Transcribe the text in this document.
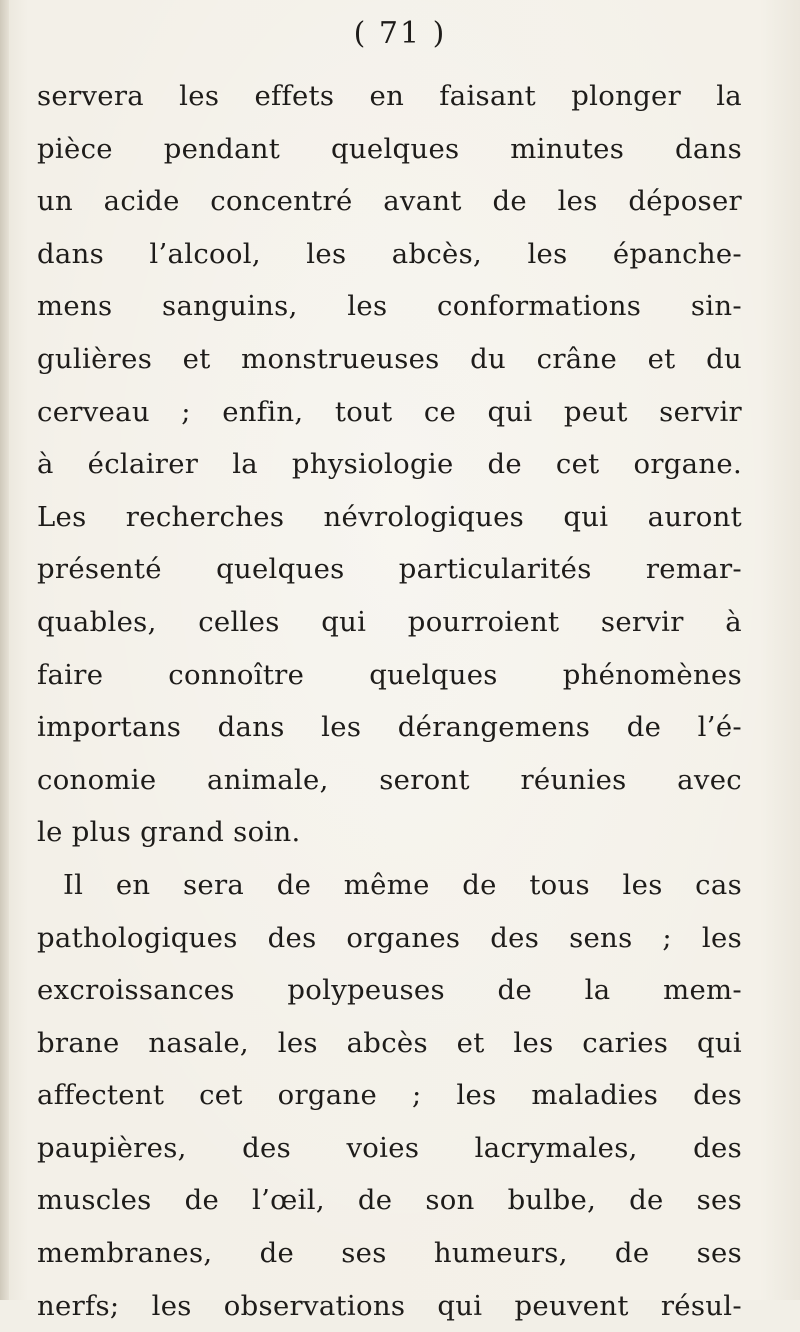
( 71 )
servera les effets en faisant plonger la
pièce pendant quelques minutes dans
un acide concentré avant de les déposer
dans l’alcool, les abcès, les épanche-
mens sanguins, les conformations sin-
gulières et monstrueuses du crâne et du
cerveau ; enfin, tout ce qui peut servir
à éclairer la physiologie de cet organe.
Les recherches névrologiques qui auront
présenté quelques particularités remar-
quables, celles qui pourroient servir à
faire connoître quelques phénomènes
importans dans les dérangemens de l’é-
conomie animale, seront réunies avec
le plus grand soin.
Il en sera de même de tous les cas
pathologiques des organes des sens ; les
excroissances polypeuses de la mem-
brane nasale, les abcès et les caries qui
affectent cet organe ; les maladies des
paupières, des voies lacrymales, des
muscles de l’œil, de son bulbe, de ses
membranes, de ses humeurs, de ses
nerfs; les observations qui peuvent résul-
